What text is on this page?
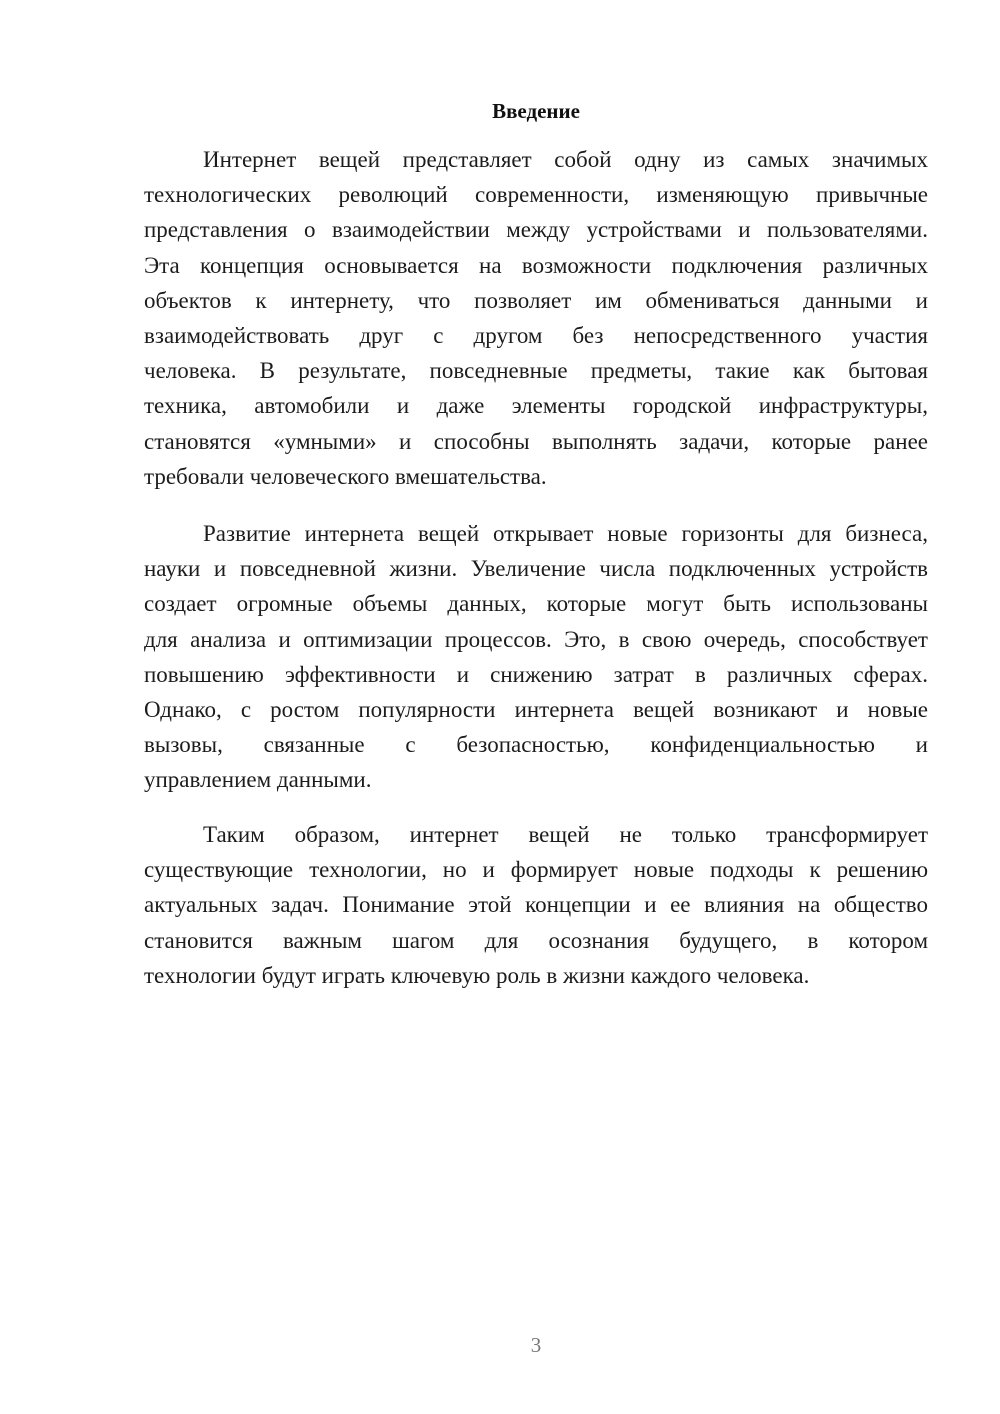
Введение
Интернет вещей представляет собой одну из самых значимых
технологических революций современности, изменяющую привычные
представления о взаимодействии между устройствами и пользователями.
Эта концепция основывается на возможности подключения различных
объектов к интернету, что позволяет им обмениваться данными и
взаимодействовать друг с другом без непосредственного участия
человека. В результате, повседневные предметы, такие как бытовая
техника, автомобили и даже элементы городской инфраструктуры,
становятся «умными» и способны выполнять задачи, которые ранее
требовали человеческого вмешательства.
Развитие интернета вещей открывает новые горизонты для бизнеса,
науки и повседневной жизни. Увеличение числа подключенных устройств
создает огромные объемы данных, которые могут быть использованы
для анализа и оптимизации процессов. Это, в свою очередь, способствует
повышению эффективности и снижению затрат в различных сферах.
Однако, с ростом популярности интернета вещей возникают и новые
вызовы, связанные с безопасностью, конфиденциальностью и
управлением данными.
Таким образом, интернет вещей не только трансформирует
существующие технологии, но и формирует новые подходы к решению
актуальных задач. Понимание этой концепции и ее влияния на общество
становится важным шагом для осознания будущего, в котором
технологии будут играть ключевую роль в жизни каждого человека.
3
